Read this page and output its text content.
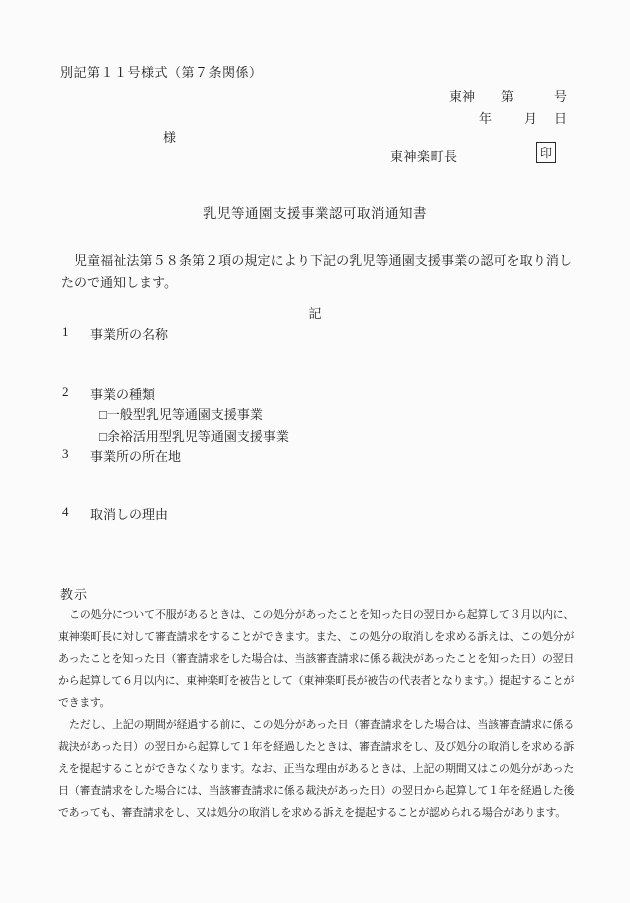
別記第１１号様式（第７条関係）
東神 第	号
年 月 日
様
東神楽町長	印
乳児等通園支援事業認可取消通知書

児童福祉法第５８条第２項の規定により下記の乳児等通園支援事業の認可を取り消したので通知します。

記
1	事業所の名称
2	事業の種類
□一般型乳児等通園支援事業
□余裕活用型乳児等通園支援事業
3	事業所の所在地
4	取消しの理由
教示

この処分について不服があるときは、この処分があったことを知った日の翌日から起算して３月以内に、東神楽町長に対して審査請求をすることができます。また、この処分の取消しを求める訴えは、この処分があったことを知った日（審査請求をした場合は、当該審査請求に係る裁決があったことを知った日）の翌日から起算して６月以内に、東神楽町を被告として（東神楽町長が被告の代表者となります。）提起することができます。

ただし、上記の期間が経過する前に、この処分があった日（審査請求をした場合は、当該審査請求に係る裁決があった日）の翌日から起算して１年を経過したときは、審査請求をし、及び処分の取消しを求める訴えを提起することができなくなります。なお、正当な理由があるときは、上記の期間又はこの処分があった日（審査請求をした場合には、当該審査請求に係る裁決があった日）の翌日から起算して１年を経過した後であっても、審査請求をし、又は処分の取消しを求める訴えを提起することが認められる場合があります。
